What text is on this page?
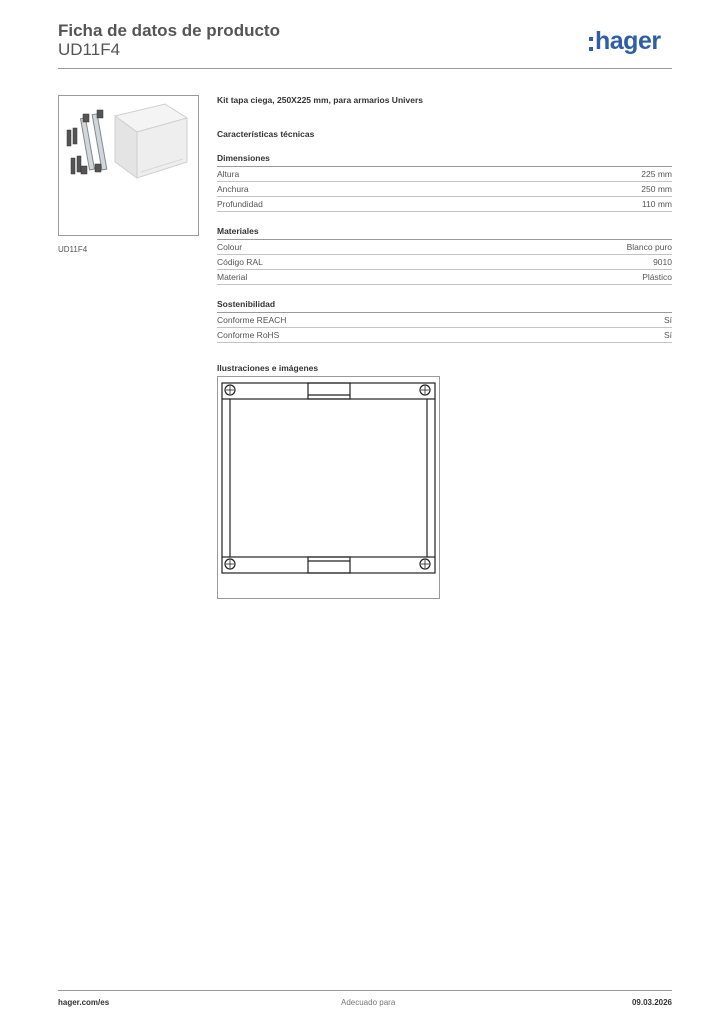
Ficha de datos de producto
UD11F4	hager
UD11F4
Kit tapa ciega, 250X225 mm, para armarios Univers
Características técnicas
Dimensiones
Altura	225 mm
Anchura	250 mm
Profundidad	110 mm
Materiales
Colour	Blanco puro
Código RAL	9010
Material	Plástico
Sostenibilidad
Conforme REACH	Sí
Conforme RoHS	Sí
Ilustraciones e imágenes
hager.com/es	Adecuado para	09.03.2026
